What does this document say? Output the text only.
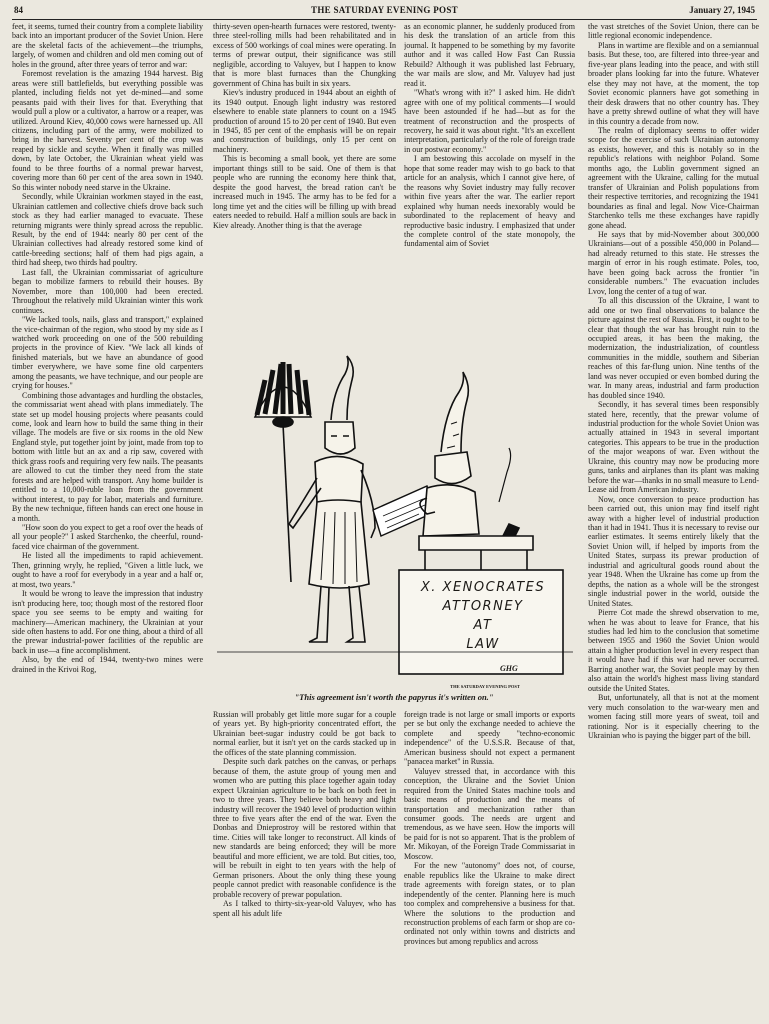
84	THE SATURDAY EVENING POST	January 27, 1945

feet, it seems, turned their country from a complete liability back into an important producer of the Soviet Union. Here are the skeletal facts of the achievement—the triumphs, largely, of women and children and old men coming out of holes in the ground, after three years of terror and war:

Foremost revelation is the amazing 1944 harvest. Big areas were still battlefields, but everything possible was planted, including fields not yet de-mined—and some peasants paid with their lives for that. Everything that would pull a plow or a cultivator, a harrow or a reaper, was utilized. Around Kiev, 40,000 cows were harnessed up. All citizens, including part of the army, were mobilized to bring in the harvest. Seventy per cent of the crop was reaped by sickle and scythe. When it finally was milled down, by late October, the Ukrainian wheat yield was found to be three fourths of a normal prewar harvest, covering more than 60 per cent of the area sown in 1940. So this winter nobody need starve in the Ukraine.

Secondly, while Ukrainian workmen stayed in the east, Ukrainian cattlemen and collective chiefs drove back such stock as they had earlier managed to evacuate. These returning migrants were thinly spread across the republic. Result, by the end of 1944: nearly 80 per cent of the Ukrainian collectives had already restored some kind of cattle-breeding sections; half of them had pigs again, a third had sheep, two thirds had poultry.

Last fall, the Ukrainian commissariat of agriculture began to mobilize farmers to rebuild their houses. By November, more than 100,000 had been erected. Throughout the relatively mild Ukrainian winter this work continues.

"We lacked tools, nails, glass and transport," explained the vice-chairman of the region, who stood by my side as I watched work proceeding on one of the 500 rebuilding projects in the province of Kiev. "We lack all kinds of finished materials, but we have an abundance of good timber everywhere, we have some fine old carpenters among the peasants, we have technique, and our people are crying for houses."

Combining those advantages and hurdling the obstacles, the commissariat went ahead with plans immediately. The state set up model housing projects where peasants could come, look and learn how to build the same thing in their village. The models are five or six rooms in the old New England style, put together joint by joint, made from top to bottom with little but an ax and a rip saw, covered with thick grass roofs and requiring very few nails. The peasants are allowed to cut the timber they need from the state forests and are helped with transport. Any home builder is entitled to a 10,000-ruble loan from the government without interest, to pay for labor, materials and furniture. By the new technique, fifteen hands can erect one house in a month.

"How soon do you expect to get a roof over the heads of all your people?" I asked Starchenko, the cheerful, round-faced vice chairman of the government.

He listed all the impediments to rapid achievement. Then, grinning wryly, he replied, "Given a little luck, we ought to have a roof for everybody in a year and a half or, at most, two years."

It would be wrong to leave the impression that industry isn't producing here, too; though most of the restored floor space you see seems to be empty and waiting for machinery—American machinery, the Ukrainian at your side often hastens to add. For one thing, about a third of all the prewar industrial-power facilities of the republic are back in use—a fine accomplishment.

Also, by the end of 1944, twenty-two mines were drained in the Krivoi Rog,

thirty-seven open-hearth furnaces were restored, twenty-three steel-rolling mills had been rehabilitated and in excess of 500 workings of coal mines were operating. In terms of prewar output, their significance was still negligible, according to Valuyev, but I happen to know that is more blast furnaces than the Chungking government of China has built in six years.

Kiev's industry produced in 1944 about an eighth of its 1940 output. Enough light industry was restored elsewhere to enable state planners to count on a 1945 production of around 15 to 20 per cent of 1940. But even in 1945, 85 per cent of the emphasis will be on repair and construction of buildings, only 15 per cent on machinery.

This is becoming a small book, yet there are some important things still to be said. One of them is that people who are running the economy here think that, despite the good harvest, the bread ration can't be increased much in 1945. The army has to be fed for a long time yet and the cities will be filling up with bread eaters needed to rebuild. Half a million souls are back in Kiev already. Another thing is that the average

as an economic planner, he suddenly produced from his desk the translation of an article from this journal. It happened to be something by my favorite author and it was called How Fast Can Russia Rebuild? Although it was published last February, the war mails are slow, and Mr. Valuyev had just read it.

"What's wrong with it?" I asked him. He didn't agree with one of my political comments—I would have been astounded if he had—but as for the treatment of reconstruction and the prospects of recovery, he said it was about right. "It's an excellent interpretation, particularly of the role of foreign trade in our postwar economy."

I am bestowing this accolade on myself in the hope that some reader may wish to go back to that article for an analysis, which I cannot give here, of the reasons why Soviet industry may fully recover within five years after the war. The earlier report explained why human needs inexorably would be subordinated to the replacement of heavy and reproductive basic industry. I emphasized that under the complete control of the state monopoly, the fundamental aim of Soviet

the vast stretches of the Soviet Union, there can be little regional economic independence.

Plans in wartime are flexible and on a semiannual basis. But these, too, are filtered into three-year and five-year plans leading into the peace, and with still broader plans looking far into the future. Whatever else they may not have, at the moment, the top Soviet economic planners have got something in their desk drawers that no other country has. They have a pretty shrewd outline of what they will have in this country a decade from now.

The realm of diplomacy seems to offer wider scope for the exercise of such Ukrainian autonomy as exists, however, and this is notably so in the republic's relations with neighbor Poland. Some months ago, the Lublin government signed an agreement with the Ukraine, calling for the mutual transfer of Ukrainian and Polish populations from their respective territories, and recognizing the 1941 boundaries as final and legal. Now Vice-Chairman Starchenko tells me these exchanges have rapidly gone ahead.

He says that by mid-November about 300,000 Ukrainians—out of a possible 450,000 in Poland—had already returned to this state. He stresses the margin of error in his rough estimate. Poles, too, have been going back across the frontier "in considerable numbers." The evacuation includes Lvov, long the center of a tug of war.

To all this discussion of the Ukraine, I want to add one or two final observations to balance the picture against the rest of Russia. First, it ought to be clear that though the war has brought ruin to the occupied areas, it has been the making, the modernization, the industrialization, of countless communities in the middle, southern and Siberian reaches of this far-flung union. Nine tenths of the land was never occupied or even bombed during the war. In many areas, industrial and farm production has doubled since 1940.

Secondly, it has several times been responsibly stated here, recently, that the prewar volume of industrial production for the whole Soviet Union was actually attained in 1943 in several important categories. This appears to be true in the production of the major weapons of war. Even without the Ukraine, this country may now be producing more guns, tanks and airplanes than its plant was making before the war—thanks in no small measure to Lend-Lease aid from American industry.

Now, once conversion to peace production has been carried out, this union may find itself right away with a higher level of industrial production than it had in 1941. Thus it is necessary to revise our earlier estimates. It seems entirely likely that the Soviet Union will, if helped by imports from the United States, surpass its prewar production of industrial and agricultural goods round about the year 1948. When the Ukraine has come up from the depths, the nation as a whole will be the strongest single industrial power in the world, outside the United States.

Pierre Cot made the shrewd observation to me, when he was about to leave for France, that his studies had led him to the conclusion that sometime between 1955 and 1960 the Soviet Union would attain a higher production level in every respect than it would have had if this war had never occurred. Barring another war, the Soviet people may by then also attain the world's highest mass living standard outside the United States.

But, unfortunately, all that is not at the moment very much consolation to the war-weary men and women facing still more years of sweat, toil and rationing. Nor is it especially cheering to the Ukrainian who is paying the bigger part of the bill.

X. XENOCRATES
ATTORNEY
AT
LAW
GHG
THE SATURDAY EVENING POST
"This agreement isn't worth the papyrus it's written on."

Russian will probably get little more sugar for a couple of years yet. By high-priority concentrated effort, the Ukrainian beet-sugar industry could be got back to normal earlier, but it isn't yet on the cards stacked up in the offices of the state planning commission.

Despite such dark patches on the canvas, or perhaps because of them, the astute group of young men and women who are putting this place together again today expect Ukrainian agriculture to be back on both feet in two to three years. They believe both heavy and light industry will recover the 1940 level of production within three to five years after the end of the war. Even the Donbas and Dnieprostroy will be restored within that time. Cities will take longer to reconstruct. All kinds of new standards are being enforced; they will be more beautiful and more efficient, we are told. But cities, too, will be rebuilt in eight to ten years with the help of German prisoners. About the only thing these young people cannot predict with reasonable confidence is the probable recovery of prewar population.

As I talked to thirty-six-year-old Valuyev, who has spent all his adult life

foreign trade is not large or small imports or exports per se but only the exchange needed to achieve the complete and speedy "techno-economic independence" of the U.S.S.R. Because of that, American business should not expect a permanent "panacea market" in Russia.

Valuyev stressed that, in accordance with this conception, the Ukraine and the Soviet Union required from the United States machine tools and basic means of production and the means of transportation and mechanization rather than consumer goods. The needs are urgent and tremendous, as we have seen. How the imports will be paid for is not so apparent. That is the problem of Mr. Mikoyan, of the Foreign Trade Commissariat in Moscow.

For the new "autonomy" does not, of course, enable republics like the Ukraine to make direct trade agreements with foreign states, or to plan independently of the center. Planning here is much too complex and comprehensive a business for that. Where the solutions to the production and reconstruction problems of each farm or shop are co-ordinated not only within towns and districts and provinces but among republics and across
